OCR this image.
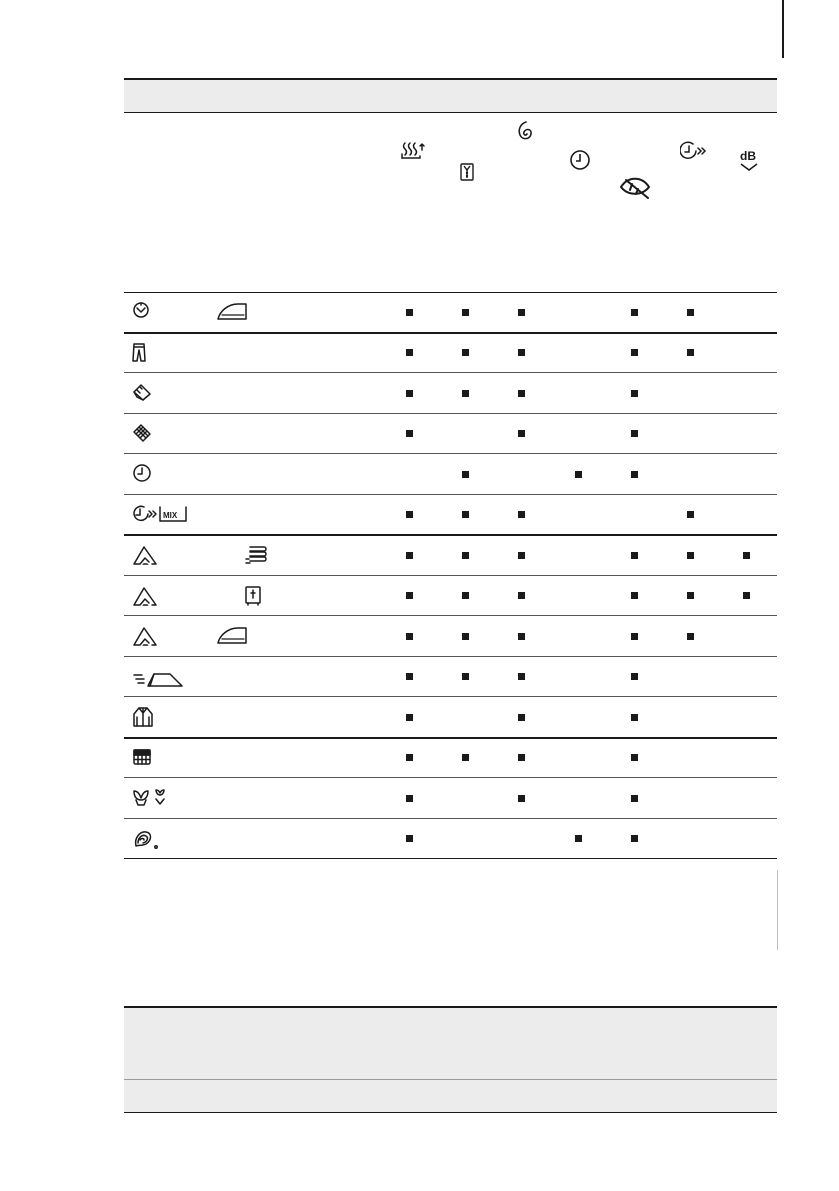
dB
MIX
